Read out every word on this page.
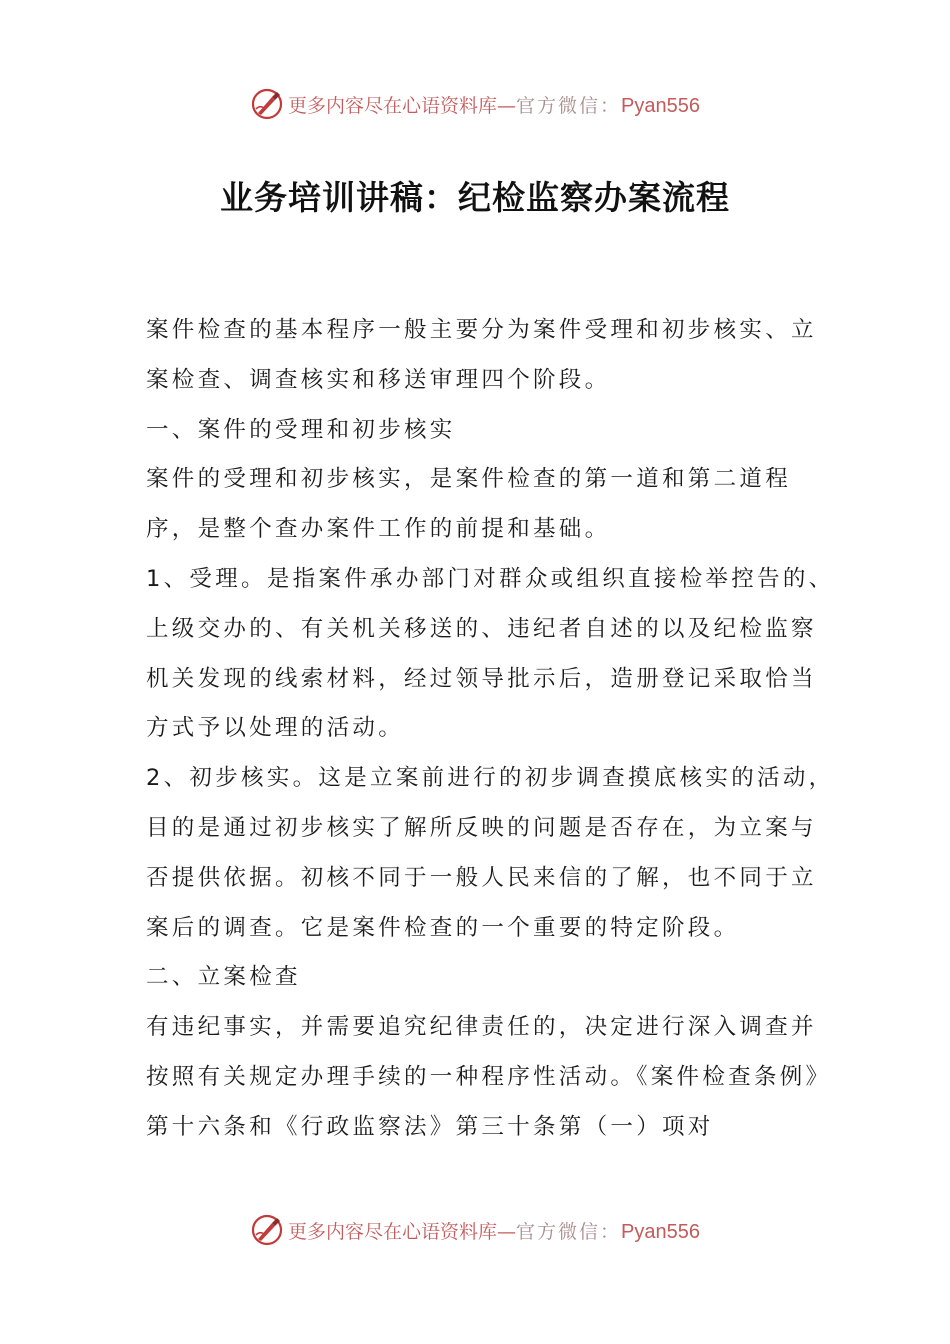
更多内容尽在心语资料库—官方微信：Pyan556
业务培训讲稿：纪检监察办案流程

案件检查的基本程序一般主要分为案件受理和初步核实、立案检查、调查核实和移送审理四个阶段。

一、案件的受理和初步核实

案件的受理和初步核实，是案件检查的第一道和第二道程序，是整个查办案件工作的前提和基础。

1、受理。是指案件承办部门对群众或组织直接检举控告的、上级交办的、有关机关移送的、违纪者自述的以及纪检监察机关发现的线索材料，经过领导批示后，造册登记采取恰当方式予以处理的活动。

2、初步核实。这是立案前进行的初步调查摸底核实的活动，目的是通过初步核实了解所反映的问题是否存在，为立案与否提供依据。初核不同于一般人民来信的了解，也不同于立案后的调查。它是案件检查的一个重要的特定阶段。

二、立案检查

有违纪事实，并需要追究纪律责任的，决定进行深入调查并按照有关规定办理手续的一种程序性活动。《案件检查条例》第十六条和《行政监察法》第三十条第（一）项对

更多内容尽在心语资料库—官方微信：Pyan556
